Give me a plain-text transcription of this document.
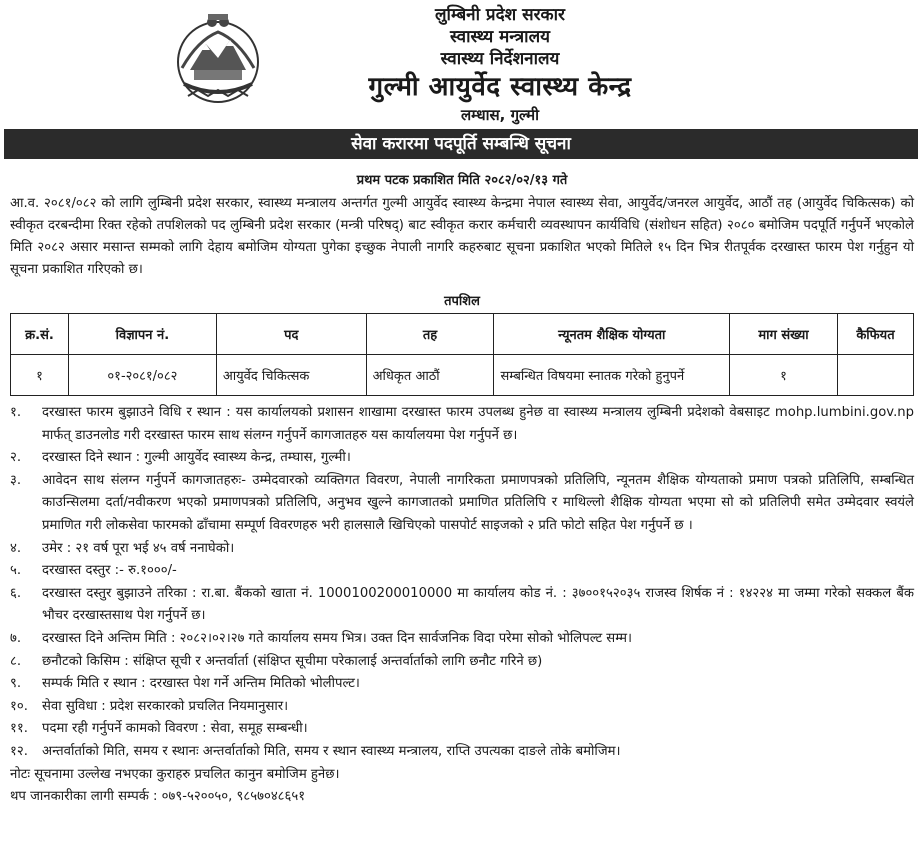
लुम्बिनी प्रदेश सरकार
स्वास्थ्य मन्त्रालय
स्वास्थ्य निर्देशनालय
गुल्मी आयुर्वेद स्वास्थ्य केन्द्र
लम्धास, गुल्मी
सेवा करारमा पदपूर्ति सम्बन्धि सूचना
प्रथम पटक प्रकाशित मिति २०८२/०२/१३ गते
आ.व. २०८१/०८२ को लागि लुम्बिनी प्रदेश सरकार, स्वास्थ्य मन्त्रालय अन्तर्गत गुल्मी आयुर्वेद स्वास्थ्य केन्द्रमा नेपाल स्वास्थ्य सेवा, आयुर्वेद/जनरल आयुर्वेद, आठौं तह (आयुर्वेद चिकित्सक) को स्वीकृत दरबन्दीमा रिक्त रहेको तपशिलको पद लुम्बिनी प्रदेश सरकार (मन्त्री परिषद्) बाट स्वीकृत करार कर्मचारी व्यवस्थापन कार्यविधि (संशोधन सहित) २०८० बमोजिम पदपूर्ति गर्नुपर्ने भएकोले मिति २०८२ असार मसान्त सम्मको लागि देहाय बमोजिम योग्यता पुगेका इच्छुक नेपाली नागरि कहरुबाट सूचना प्रकाशित भएको मितिले १५ दिन भित्र रीतपूर्वक दरखास्त फारम पेश गर्नुहुन यो सूचना प्रकाशित गरिएको छ।
तपशिल
क्र.सं.	विज्ञापन नं.	पद	तह	न्यूनतम शैक्षिक योग्यता	माग संख्या	कैफियत
१	०१-२०८१/०८२	आयुर्वेद चिकित्सक	अधिकृत आठौं	सम्बन्धित विषयमा स्नातक गरेको हुनुपर्ने	१	
१.	दरखास्त फारम बुझाउने विधि र स्थान : यस कार्यालयको प्रशासन शाखामा दरखास्त फारम उपलब्ध हुनेछ वा स्वास्थ्य मन्त्रालय लुम्बिनी प्रदेशको वेबसाइट mohp.lumbini.gov.np मार्फत् डाउनलोड गरी दरखास्त फारम साथ संलग्न गर्नुपर्ने कागजातहरु यस कार्यालयमा पेश गर्नुपर्ने छ।
२.	दरखास्त दिने स्थान : गुल्मी आयुर्वेद स्वास्थ्य केन्द्र, तम्घास, गुल्मी।
३.	आवेदन साथ संलग्न गर्नुपर्ने कागजातहरुः- उम्मेदवारको व्यक्तिगत विवरण, नेपाली नागरिकता प्रमाणपत्रको प्रतिलिपि, न्यूनतम शैक्षिक योग्यताको प्रमाण पत्रको प्रतिलिपि, सम्बन्धित काउन्सिलमा दर्ता/नवीकरण भएको प्रमाणपत्रको प्रतिलिपि, अनुभव खुल्ने कागजातको प्रमाणित प्रतिलिपि र माथिल्लो शैक्षिक योग्यता भएमा सो को प्रतिलिपी समेत उम्मेदवार स्वयंले प्रमाणित गरी लोकसेवा फारमको ढाँचामा सम्पूर्ण विवरणहरु भरी हालसालै खिचिएको पासपोर्ट साइजको २ प्रति फोटो सहित पेश गर्नुपर्ने छ ।
४.	उमेर : २१ वर्ष पूरा भई ४५ वर्ष ननाघेको।
५.	दरखास्त दस्तुर :- रु.१०००/-
६.	दरखास्त दस्तुर बुझाउने तरिका : रा.बा. बैंकको खाता नं. 1000100200010000 मा कार्यालय कोड नं. : ३७००१५२०३५ राजस्व शिर्षक नं : १४२२४ मा जम्मा गरेको सक्कल बैंक भौचर दरखास्तसाथ पेश गर्नुपर्ने छ।
७.	दरखास्त दिने अन्तिम मिति : २०८२।०२।२७ गते कार्यालय समय भित्र। उक्त दिन सार्वजनिक विदा परेमा सोको भोलिपल्ट सम्म।
८.	छनौटको किसिम : संक्षिप्त सूची र अन्तर्वार्ता (संक्षिप्त सूचीमा परेकालाई अन्तर्वार्ताको लागि छनौट गरिने छ)
९.	सम्पर्क मिति र स्थान : दरखास्त पेश गर्ने अन्तिम मितिको भोलीपल्ट।
१०.	सेवा सुविधा : प्रदेश सरकारको प्रचलित नियमानुसार।
११.	पदमा रही गर्नुपर्ने कामको विवरण : सेवा, समूह सम्बन्धी।
१२.	अन्तर्वार्ताको मिति, समय र स्थानः अन्तर्वार्ताको मिति, समय र स्थान स्वास्थ्य मन्त्रालय, राप्ति उपत्यका दाङले तोके बमोजिम।
नोटः सूचनामा उल्लेख नभएका कुराहरु प्रचलित कानुन बमोजिम हुनेछ।
थप जानकारीका लागी सम्पर्क : ०७९-५२००५०, ९८५७०४८६५१
